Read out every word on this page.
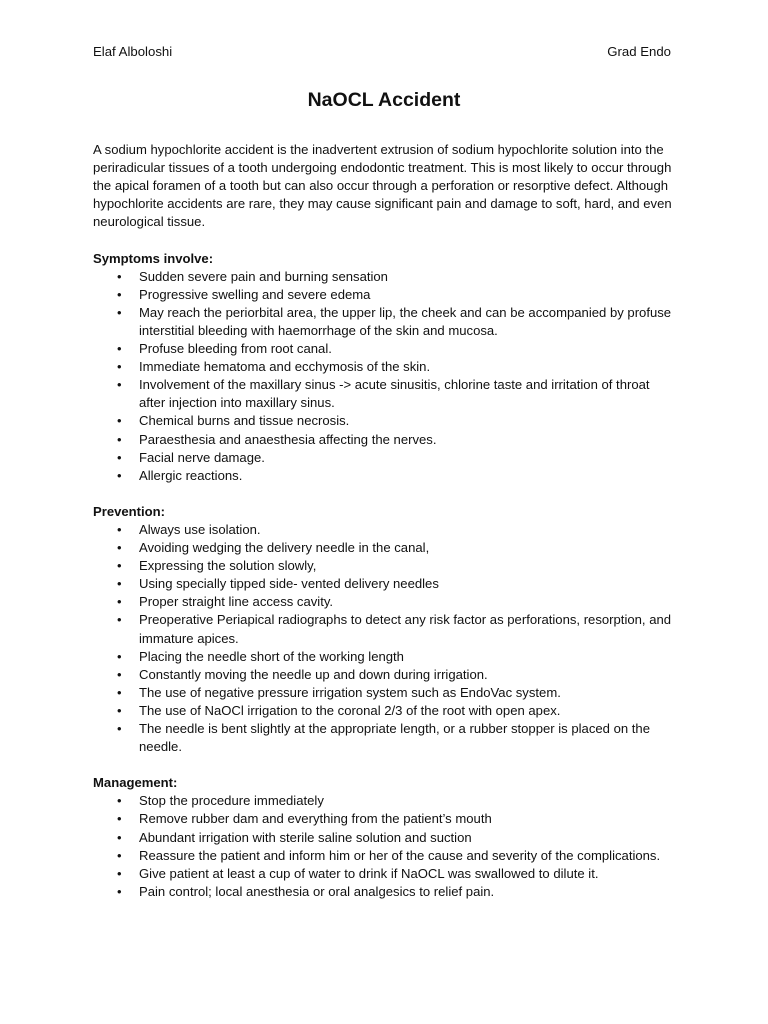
Elaf Alboloshi	Grad Endo
NaOCL Accident

A sodium hypochlorite accident is the inadvertent extrusion of sodium hypochlorite solution into the periradicular tissues of a tooth undergoing endodontic treatment. This is most likely to occur through the apical foramen of a tooth but can also occur through a perforation or resorptive defect. Although hypochlorite accidents are rare, they may cause significant pain and damage to soft, hard, and even neurological tissue.

Symptoms involve:

• Sudden severe pain and burning sensation
• Progressive swelling and severe edema
• May reach the periorbital area, the upper lip, the cheek and can be accompanied by profuse interstitial bleeding with haemorrhage of the skin and mucosa.
• Profuse bleeding from root canal.
• Immediate hematoma and ecchymosis of the skin.
• Involvement of the maxillary sinus -> acute sinusitis, chlorine taste and irritation of throat after injection into maxillary sinus.
• Chemical burns and tissue necrosis.
• Paraesthesia and anaesthesia affecting the nerves.
• Facial nerve damage.
• Allergic reactions.

Prevention:

• Always use isolation.
• Avoiding wedging the delivery needle in the canal,
• Expressing the solution slowly,
• Using specially tipped side- vented delivery needles
• Proper straight line access cavity.
• Preoperative Periapical radiographs to detect any risk factor as perforations, resorption, and immature apices.
• Placing the needle short of the working length
• Constantly moving the needle up and down during irrigation.
• The use of negative pressure irrigation system such as EndoVac system.
• The use of NaOCl irrigation to the coronal 2/3 of the root with open apex.
• The needle is bent slightly at the appropriate length, or a rubber stopper is placed on the needle.

Management:

• Stop the procedure immediately
• Remove rubber dam and everything from the patient’s mouth
• Abundant irrigation with sterile saline solution and suction
• Reassure the patient and inform him or her of the cause and severity of the complications.
• Give patient at least a cup of water to drink if NaOCL was swallowed to dilute it.
• Pain control; local anesthesia or oral analgesics to relief pain.
